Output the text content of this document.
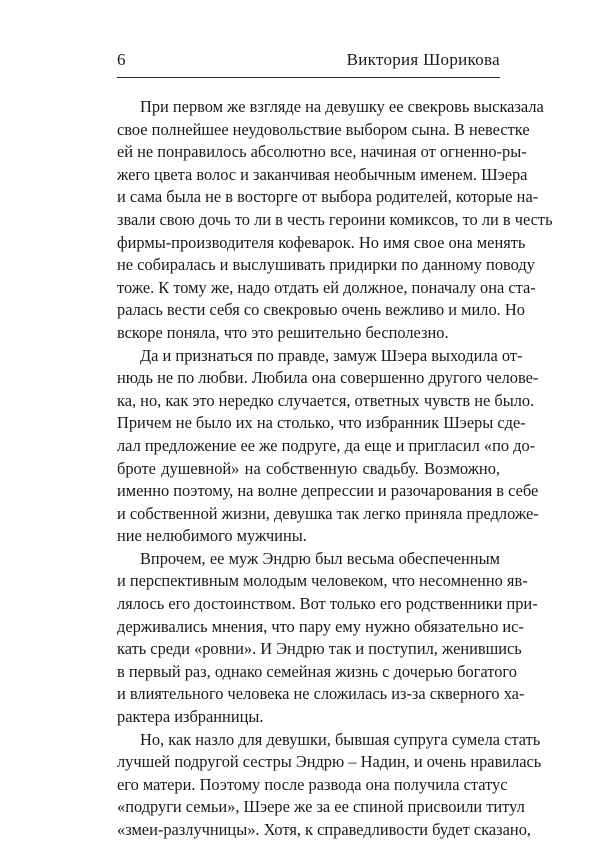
6	Виктория Шорикова
При первом же взгляде на девушку ее свекровь высказала
свое полнейшее неудовольствие выбором сына. В невестке
ей не понравилось абсолютно все, начиная от огненно-ры-
жего цвета волос и заканчивая необычным именем. Шэера
и сама была не в восторге от выбора родителей, которые на-
звали свою дочь то ли в честь героини комиксов, то ли в честь
фирмы-производителя кофеварок. Но имя свое она менять
не собиралась и выслушивать придирки по данному поводу
тоже. К тому же, надо отдать ей должное, поначалу она ста-
ралась вести себя со свекровью очень вежливо и мило. Но
вскоре поняла, что это решительно бесполезно.
Да и признаться по правде, замуж Шэера выходила от-
нюдь не по любви. Любила она совершенно другого челове-
ка, но, как это нередко случается, ответных чувств не было.
Причем не было их на столько, что избранник Шэеры сде-
лал предложение ее же подруге, да еще и пригласил «по до-
броте душевной» на собственную свадьбу. Возможно,
именно поэтому, на волне депрессии и разочарования в себе
и собственной жизни, девушка так легко приняла предложе-
ние нелюбимого мужчины.
Впрочем, ее муж Эндрю был весьма обеспеченным
и перспективным молодым человеком, что несомненно яв-
лялось его достоинством. Вот только его родственники при-
держивались мнения, что пару ему нужно обязательно ис-
кать среди «ровни». И Эндрю так и поступил, женившись
в первый раз, однако семейная жизнь с дочерью богатого
и влиятельного человека не сложилась из-за скверного ха-
рактера избранницы.
Но, как назло для девушки, бывшая супруга сумела стать
лучшей подругой сестры Эндрю – Надин, и очень нравилась
его матери. Поэтому после развода она получила статус
«подруги семьи», Шэере же за ее спиной присвоили титул
«змеи-разлучницы». Хотя, к справедливости будет сказано,
